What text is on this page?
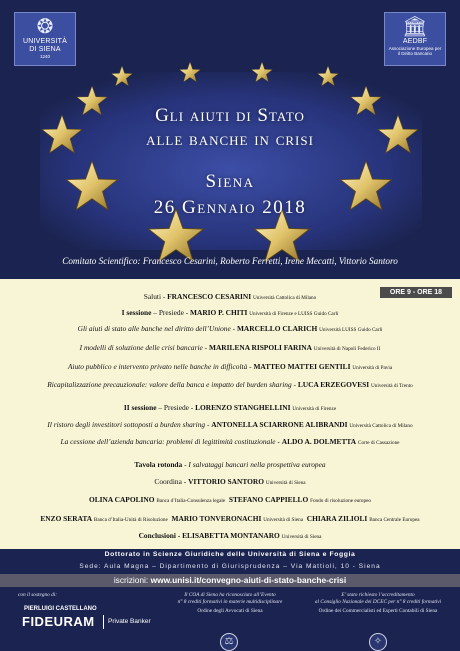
❂
UNIVERSITÀ
DI SIENA
1240
🏛
AEDBF
Associazione Europea per il Diritto Bancario
Gli aiuti di Stato
alle banche in crisi
Siena
26 Gennaio 2018
Comitato Scientifico: Francesco Cesarini, Roberto Ferretti, Irene Mecatti, Vittorio Santoro
ORE 9 - ORE 18
Saluti - FRANCESCO CESARINI Università Cattolica di Milano
I sessione – Presiede - MARIO P. CHITI Università di Firenze e LUISS Guido Carli
Gli aiuti di stato alle banche nel diritto dell’Unione - MARCELLO CLARICH Università LUISS Guido Carli
I modelli di soluzione delle crisi bancarie - MARILENA RISPOLI FARINA Università di Napoli Federico II
Aiuto pubblico e intervento privato nelle banche in difficoltà - MATTEO MATTEI GENTILI Università di Pavia
Ricapitalizzazione precauzionale: valore della banca e impatto del burden sharing - LUCA ERZEGOVESI Università di Trento
II sessione – Presiede - LORENZO STANGHELLINI Università di Firenze
Il ristoro degli investitori sottoposti a burden sharing - ANTONELLA SCIARRONE ALIBRANDI Università Cattolica di Milano
La cessione dell’azienda bancaria: problemi di legittimità costituzionale - ALDO A. DOLMETTA Corte di Cassazione
Tavola rotonda - I salvataggi bancari nella prospettiva europea
Coordina - VITTORIO SANTORO Università di Siena
OLINA CAPOLINO Banca d’Italia-Consulenza legale STEFANO CAPPIELLO Fondo di risoluzione europeo
ENZO SERATA Banca d’Italia-Unità di Risoluzione MARIO TONVERONACHI Università di Siena CHIARA ZILIOLI Banca Centrale Europea
Conclusioni - ELISABETTA MONTANARO Università di Siena
Dottorato in Scienze Giuridiche delle Università di Siena e Foggia
Sede: Aula Magna – Dipartimento di Giurisprudenza – Via Mattioli, 10 - Siena
iscrizioni: www.unisi.it/convegno-aiuti-di-stato-banche-crisi
con il sostegno di:
PIERLUIGI CASTELLANO
FIDEURAM Private Banker
Il COA di Siena ha riconosciuto all’Evento
n° 8 crediti formativi in materie multidisciplinare
Ordine degli Avvocati di Siena
⚖
E’ stato richiesto l’accreditamento
al Consiglio Nazionale dei DCEC per n° 8 crediti formativi
Ordine dei Commercialisti ed Esperti Contabili di Siena
✧
